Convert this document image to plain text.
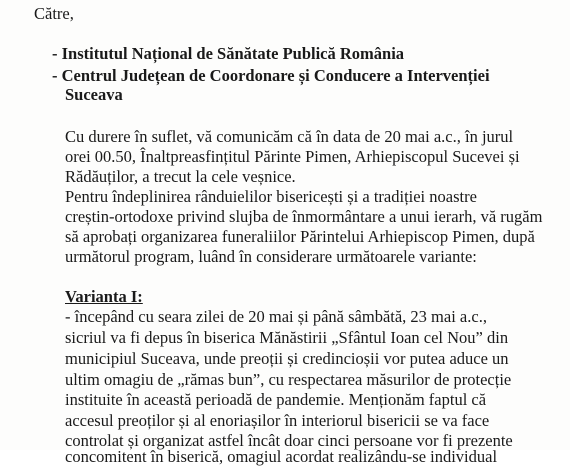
Către,
- Institutul Național de Sănătate Publică România
- Centrul Județean de Coordonare și Conducere a Intervenției
Suceava
Cu durere în suflet, vă comunicăm că în data de 20 mai a.c., în jurul
orei 00.50, Înaltpreasfințitul Părinte Pimen, Arhiepiscopul Sucevei și
Rădăuților, a trecut la cele veșnice.
Pentru îndeplinirea rânduielilor bisericești și a tradiției noastre
creștin-ortodoxe privind slujba de înmormântare a unui ierarh, vă rugăm
să aprobați organizarea funeraliilor Părintelui Arhiepiscop Pimen, după
următorul program, luând în considerare următoarele variante:
Varianta I:
- începând cu seara zilei de 20 mai și până sâmbătă, 23 mai a.c.,
sicriul va fi depus în biserica Mănăstirii „Sfântul Ioan cel Nou” din
municipiul Suceava, unde preoții și credincioșii vor putea aduce un
ultim omagiu de „rămas bun”, cu respectarea măsurilor de protecție
instituite în această perioadă de pandemie. Menționăm faptul că
accesul preoților și al enoriașilor în interiorul bisericii se va face
controlat și organizat astfel încât doar cinci persoane vor fi prezente
concomitent în biserică, omagiul acordat realizându-se individual
